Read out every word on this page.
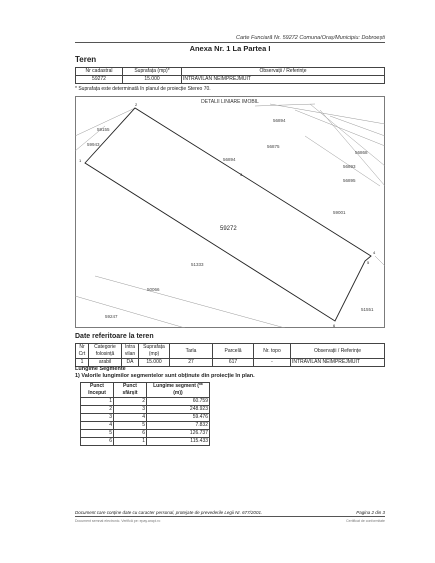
Carte Funciară Nr. 59272 Comuna/Oraș/Municipiu: Dobroești
Anexa Nr. 1 La Partea I
Teren
Nr cadastral	Suprafața (mp)*	Observații / Referințe
59272	15.000	INTRAVILAN NEÎMPREJMUIT
* Suprafața este determinată în planul de proiecție Stereo 70.
DETALII LINIARE IMOBIL
59943
59155
56894
56875
56894
56868
56893
56895
59001
51333
50066
59247
51551
59272
1
2
3
4
5
6
Date referitoare la teren
Nr Crt	Categorie folosință	Intra vilan	Suprafața (mp)	Tarla	Parcelă	Nr. topo	Observații / Referințe
1	arabil	DA	15.000	27	617	-	INTRAVILAN NEÎMPREJMUIT
Lungime Segmente
1) Valorile lungimilor segmentelor sunt obținute din proiecție în plan.
Punct început	Punct sfârșit	Lungime segment (** (m))
1	2	60.759
2	3	248.923
3	4	59.476
4	5	7.832
5	6	126.737
6	1	115.433
Document care conține date cu caracter personal, protejate de prevederile Legii Nr. 677/2001.	Pagina 2 din 3
Document semnat electronic. Verifică pe: epay.ancpi.ro	Certificat de conformitate
